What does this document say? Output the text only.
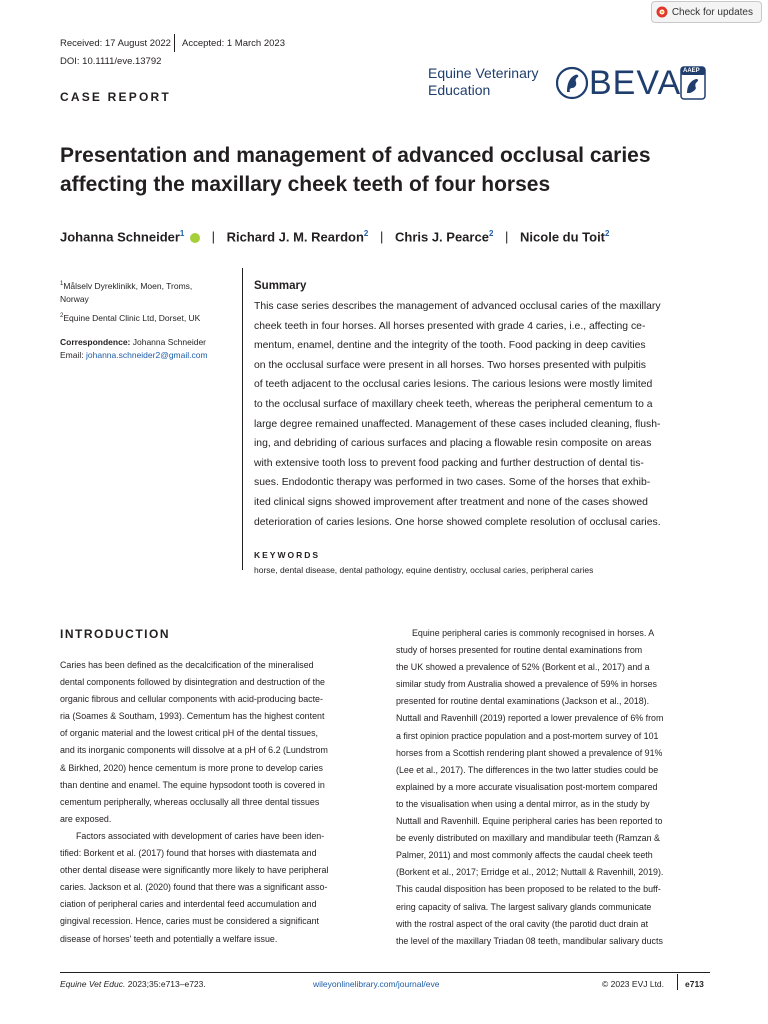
Check for updates
Received: 17 August 2022 Accepted: 1 March 2023
DOI: 10.1111/eve.13792
CASE REPORT
Equine Veterinary
Education	BEVA AAEP
Presentation and management of advanced occlusal caries
affecting the maxillary cheek teeth of four horses
Johanna Schneider$^1$ | Richard J. M. Reardon$^2$ | Chris J. Pearce$^2$ | Nicole du Toit$^2$
$^1$Målselv Dyreklinikk, Moen, Troms,
Norway
$^2$Equine Dental Clinic Ltd, Dorset, UK
Correspondence: Johanna Schneider
Email: johanna.schneider2@gmail.com
Summary
This case series describes the management of advanced occlusal caries of the maxillary
cheek teeth in four horses. All horses presented with grade 4 caries, i.e., affecting ce-
mentum, enamel, dentine and the integrity of the tooth. Food packing in deep cavities
on the occlusal surface were present in all horses. Two horses presented with pulpitis
of teeth adjacent to the occlusal caries lesions. The carious lesions were mostly limited
to the occlusal surface of maxillary cheek teeth, whereas the peripheral cementum to a
large degree remained unaffected. Management of these cases included cleaning, flush-
ing, and debriding of carious surfaces and placing a flowable resin composite on areas
with extensive tooth loss to prevent food packing and further destruction of dental tis-
sues. Endodontic therapy was performed in two cases. Some of the horses that exhib-
ited clinical signs showed improvement after treatment and none of the cases showed
deterioration of caries lesions. One horse showed complete resolution of occlusal caries.
KEYWORDS
horse, dental disease, dental pathology, equine dentistry, occlusal caries, peripheral caries
INTRODUCTION
Caries has been defined as the decalcification of the mineralised
dental components followed by disintegration and destruction of the
organic fibrous and cellular components with acid-producing bacte-
ria (Soames & Southam, 1993). Cementum has the highest content
of organic material and the lowest critical pH of the dental tissues,
and its inorganic components will dissolve at a pH of 6.2 (Lundstrom
& Birkhed, 2020) hence cementum is more prone to develop caries
than dentine and enamel. The equine hypsodont tooth is covered in
cementum peripherally, whereas occlusally all three dental tissues
are exposed.
Factors associated with development of caries have been iden-
tified: Borkent et al. (2017) found that horses with diastemata and
other dental disease were significantly more likely to have peripheral
caries. Jackson et al. (2020) found that there was a significant asso-
ciation of peripheral caries and interdental feed accumulation and
gingival recession. Hence, caries must be considered a significant
disease of horses' teeth and potentially a welfare issue.
Equine peripheral caries is commonly recognised in horses. A
study of horses presented for routine dental examinations from
the UK showed a prevalence of 52% (Borkent et al., 2017) and a
similar study from Australia showed a prevalence of 59% in horses
presented for routine dental examinations (Jackson et al., 2018).
Nuttall and Ravenhill (2019) reported a lower prevalence of 6% from
a first opinion practice population and a post-mortem survey of 101
horses from a Scottish rendering plant showed a prevalence of 91%
(Lee et al., 2017). The differences in the two latter studies could be
explained by a more accurate visualisation post-mortem compared
to the visualisation when using a dental mirror, as in the study by
Nuttall and Ravenhill. Equine peripheral caries has been reported to
be evenly distributed on maxillary and mandibular teeth (Ramzan &
Palmer, 2011) and most commonly affects the caudal cheek teeth
(Borkent et al., 2017; Erridge et al., 2012; Nuttall & Ravenhill, 2019).
This caudal disposition has been proposed to be related to the buff-
ering capacity of saliva. The largest salivary glands communicate
with the rostral aspect of the oral cavity (the parotid duct drain at
the level of the maxillary Triadan 08 teeth, mandibular salivary ducts
Equine Vet Educ. 2023;35:e713–e723.	wileyonlinelibrary.com/journal/eve	© 2023 EVJ Ltd. e713
